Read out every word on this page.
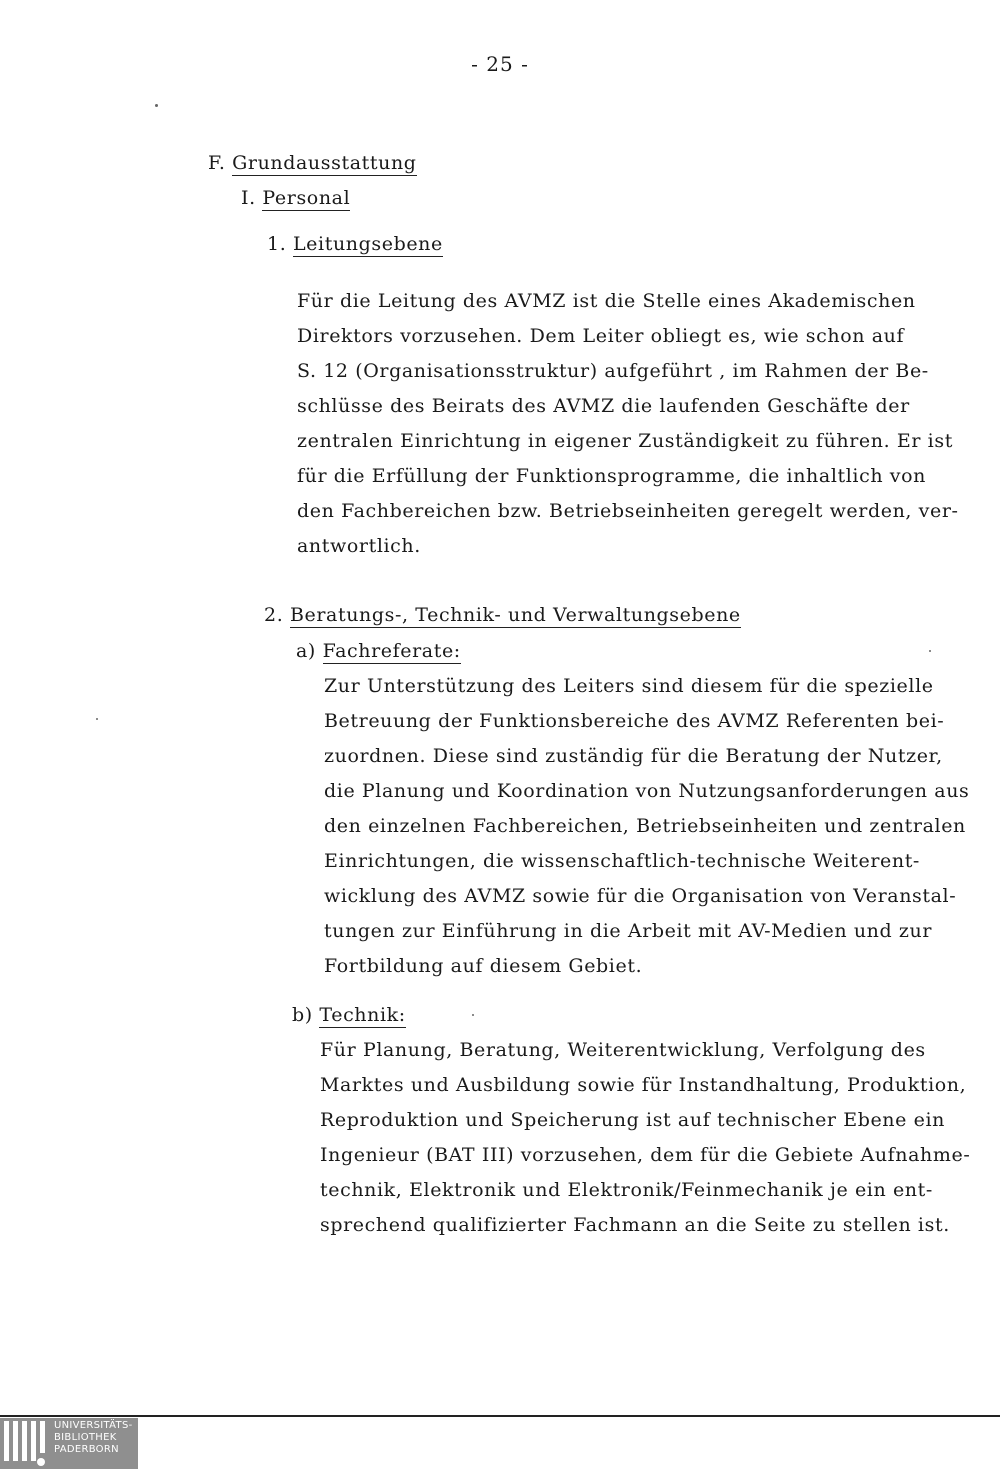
- 25 -
F. Grundausstattung
I. Personal
1. Leitungsebene
Für die Leitung des AVMZ ist die Stelle eines Akademischen
Direktors vorzusehen. Dem Leiter obliegt es, wie schon auf
S. 12 (Organisationsstruktur) aufgeführt , im Rahmen der Be-
schlüsse des Beirats des AVMZ die laufenden Geschäfte der
zentralen Einrichtung in eigener Zuständigkeit zu führen. Er ist
für die Erfüllung der Funktionsprogramme, die inhaltlich von
den Fachbereichen bzw. Betriebseinheiten geregelt werden, ver-
antwortlich.
2. Beratungs-, Technik- und Verwaltungsebene
a) Fachreferate:
Zur Unterstützung des Leiters sind diesem für die spezielle
Betreuung der Funktionsbereiche des AVMZ Referenten bei-
zuordnen. Diese sind zuständig für die Beratung der Nutzer,
die Planung und Koordination von Nutzungsanforderungen aus
den einzelnen Fachbereichen, Betriebseinheiten und zentralen
Einrichtungen, die wissenschaftlich-technische Weiterent-
wicklung des AVMZ sowie für die Organisation von Veranstal-
tungen zur Einführung in die Arbeit mit AV-Medien und zur
Fortbildung auf diesem Gebiet.
b) Technik:
Für Planung, Beratung, Weiterentwicklung, Verfolgung des
Marktes und Ausbildung sowie für Instandhaltung, Produktion,
Reproduktion und Speicherung ist auf technischer Ebene ein
Ingenieur (BAT III) vorzusehen, dem für die Gebiete Aufnahme-
technik, Elektronik und Elektronik/Feinmechanik je ein ent-
sprechend qualifizierter Fachmann an die Seite zu stellen ist.
UNIVERSITÄTS-
BIBLIOTHEK
PADERBORN
